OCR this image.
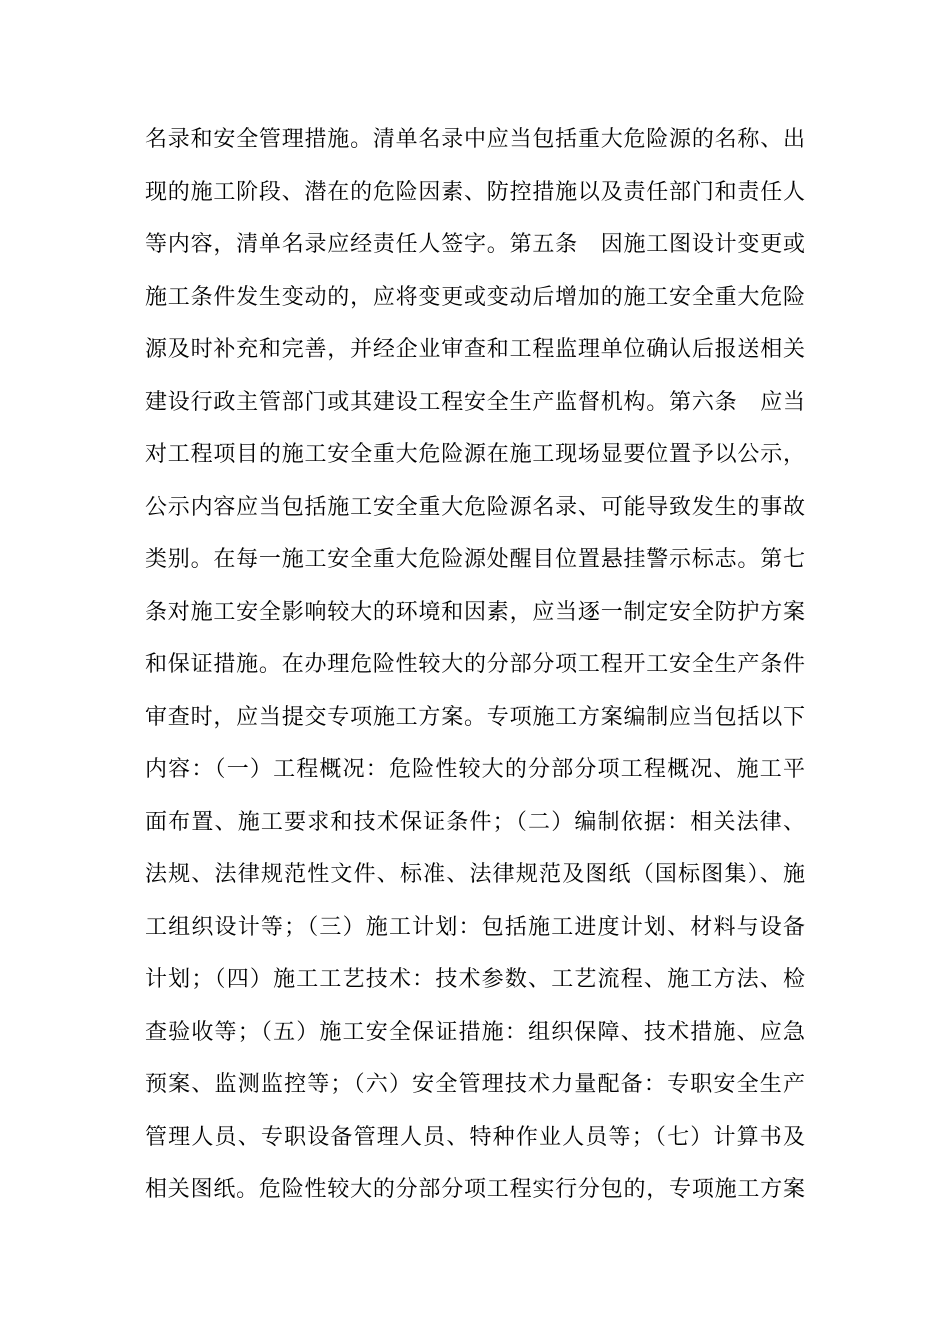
名录和安全管理措施。清单名录中应当包括重大危险源的名称、出
现的施工阶段、潜在的危险因素、防控措施以及责任部门和责任人
等内容，清单名录应经责任人签字。第五条　因施工图设计变更或
施工条件发生变动的，应将变更或变动后增加的施工安全重大危险
源及时补充和完善，并经企业审查和工程监理单位确认后报送相关
建设行政主管部门或其建设工程安全生产监督机构。第六条　应当
对工程项目的施工安全重大危险源在施工现场显要位置予以公示，
公示内容应当包括施工安全重大危险源名录、可能导致发生的事故
类别。在每一施工安全重大危险源处醒目位置悬挂警示标志。第七
条对施工安全影响较大的环境和因素，应当逐一制定安全防护方案
和保证措施。在办理危险性较大的分部分项工程开工安全生产条件
审查时，应当提交专项施工方案。专项施工方案编制应当包括以下
内容：（一）工程概况：危险性较大的分部分项工程概况、施工平
面布置、施工要求和技术保证条件；（二）编制依据：相关法律、
法规、法律规范性文件、标准、法律规范及图纸（国标图集）、施
工组织设计等；（三）施工计划：包括施工进度计划、材料与设备
计划；（四）施工工艺技术：技术参数、工艺流程、施工方法、检
查验收等；（五）施工安全保证措施：组织保障、技术措施、应急
预案、监测监控等；（六）安全管理技术力量配备：专职安全生产
管理人员、专职设备管理人员、特种作业人员等；（七）计算书及
相关图纸。危险性较大的分部分项工程实行分包的，专项施工方案
